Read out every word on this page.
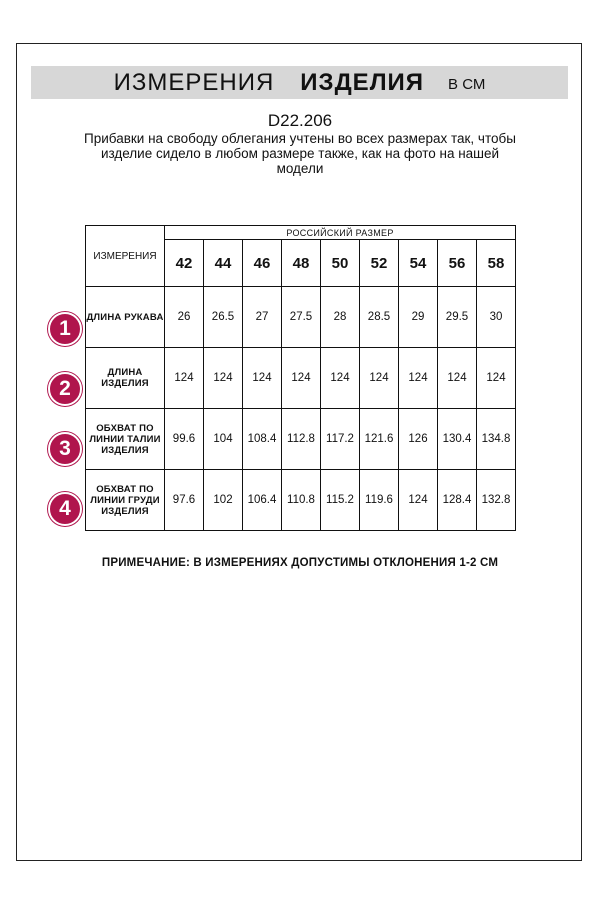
ИЗМЕРЕНИЯ ИЗДЕЛИЯ В СМ
D22.206
Прибавки на свободу облегания учтены во всех размерах так, чтобы изделие сидело в любом размере также, как на фото на нашей модели
ИЗМЕРЕНИЯ	РОССИЙСКИЙ РАЗМЕР								
	42	44	46	48	50	52	54	56	58
ДЛИНА РУКАВА	26	26.5	27	27.5	28	28.5	29	29.5	30
ДЛИНА ИЗДЕЛИЯ	124	124	124	124	124	124	124	124	124
ОБХВАТ ПО ЛИНИИ ТАЛИИ ИЗДЕЛИЯ	99.6	104	108.4	112.8	117.2	121.6	126	130.4	134.8
ОБХВАТ ПО ЛИНИИ ГРУДИ ИЗДЕЛИЯ	97.6	102	106.4	110.8	115.2	119.6	124	128.4	132.8
1
2
3
4
ПРИМЕЧАНИЕ: В ИЗМЕРЕНИЯХ ДОПУСТИМЫ ОТКЛОНЕНИЯ 1-2 СМ
